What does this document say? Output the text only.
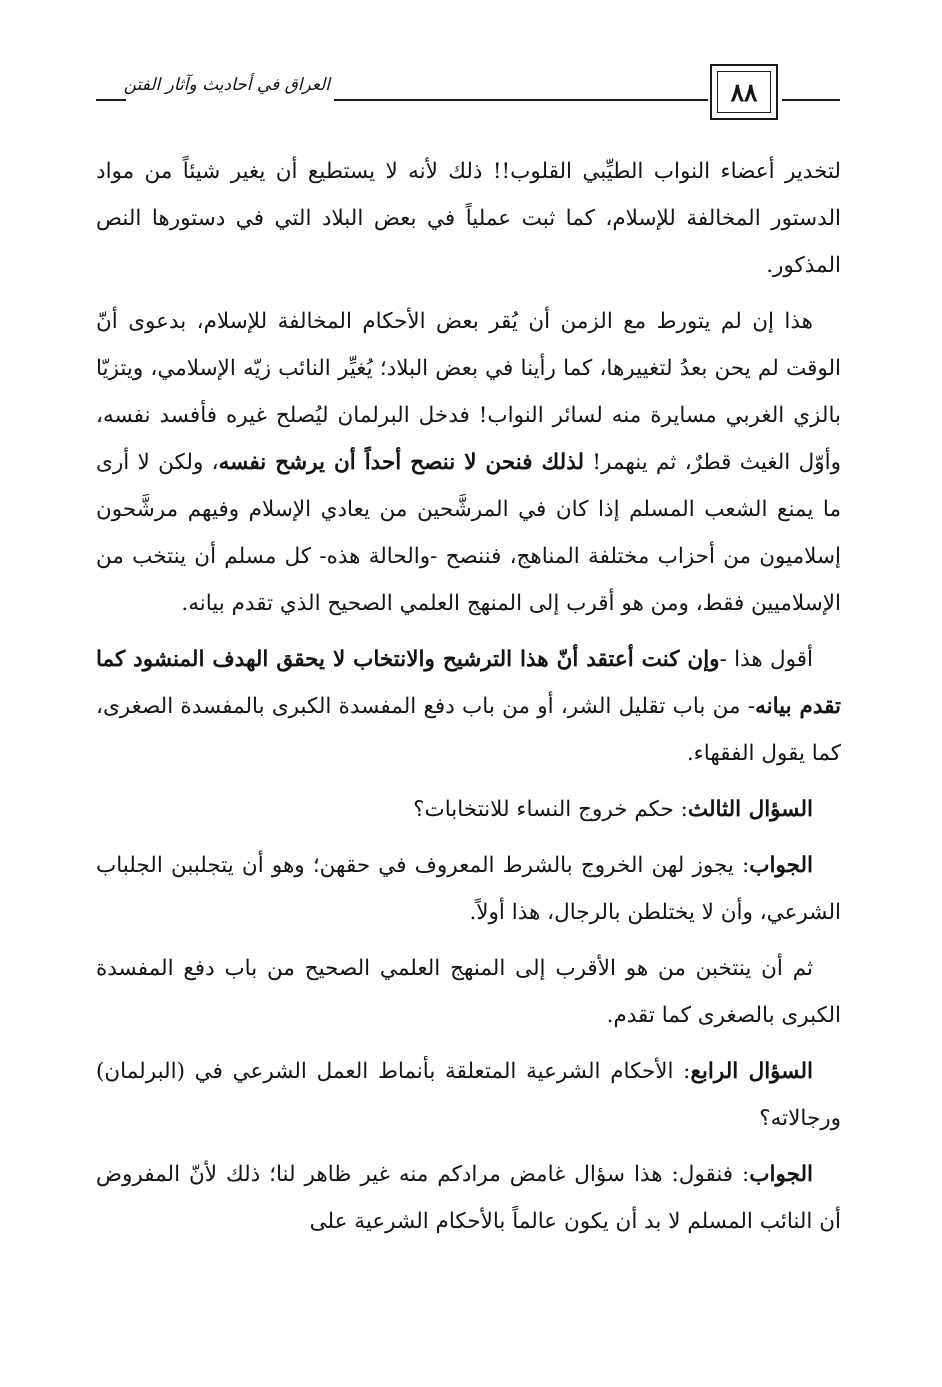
العراق في أحاديث وآثار الفتن	٨٨

لتخدير أعضاء النواب الطيِّبي القلوب!! ذلك لأنه لا يستطيع أن يغير شيئاً من مواد الدستور المخالفة للإسلام، كما ثبت عملياً في بعض البلاد التي في دستورها النص المذكور.

هذا إن لم يتورط مع الزمن أن يُقر بعض الأحكام المخالفة للإسلام، بدعوى أنّ الوقت لم يحن بعدُ لتغييرها، كما رأينا في بعض البلاد؛ يُغيِّر النائب زيّه الإسلامي، ويتزيّا بالزي الغربي مسايرة منه لسائر النواب! فدخل البرلمان ليُصلح غيره فأفسد نفسه، وأوّل الغيث قطرٌ، ثم ينهمر! لذلك فنحن لا ننصح أحداً أن يرشح نفسه، ولكن لا أرى ما يمنع الشعب المسلم إذا كان في المرشَّحين من يعادي الإسلام وفيهم مرشَّحون إسلاميون من أحزاب مختلفة المناهج، فننصح -والحالة هذه- كل مسلم أن ينتخب من الإسلاميين فقط، ومن هو أقرب إلى المنهج العلمي الصحيح الذي تقدم بيانه.

أقول هذا -وإن كنت أعتقد أنّ هذا الترشيح والانتخاب لا يحقق الهدف المنشود كما تقدم بيانه- من باب تقليل الشر، أو من باب دفع المفسدة الكبرى بالمفسدة الصغرى، كما يقول الفقهاء.

السؤال الثالث: حكم خروج النساء للانتخابات؟

الجواب: يجوز لهن الخروج بالشرط المعروف في حقهن؛ وهو أن يتجلببن الجلباب الشرعي، وأن لا يختلطن بالرجال، هذا أولاً.

ثم أن ينتخبن من هو الأقرب إلى المنهج العلمي الصحيح من باب دفع المفسدة الكبرى بالصغرى كما تقدم.

السؤال الرابع: الأحكام الشرعية المتعلقة بأنماط العمل الشرعي في (البرلمان) ورجالاته؟

الجواب: فنقول: هذا سؤال غامض مرادكم منه غير ظاهر لنا؛ ذلك لأنّ المفروض أن النائب المسلم لا بد أن يكون عالماً بالأحكام الشرعية على
